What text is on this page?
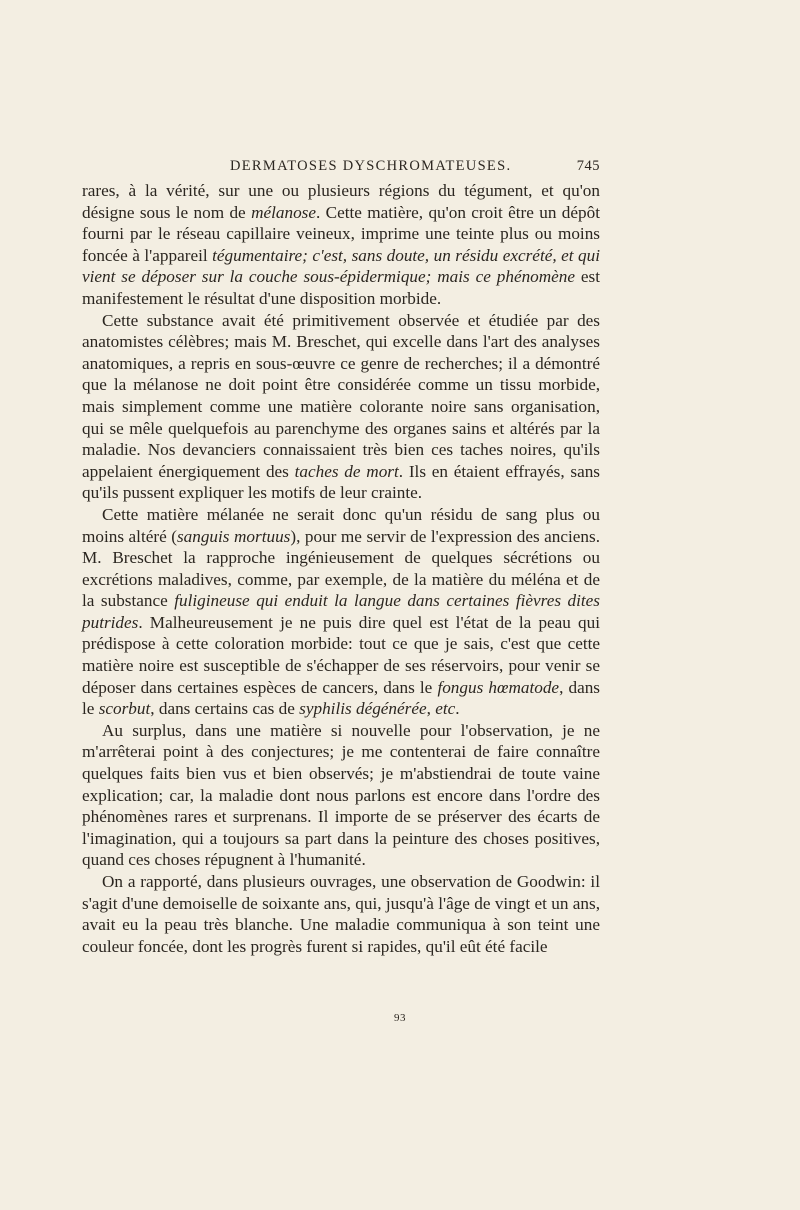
DERMATOSES DYSCHROMATEUSES.	745

rares, à la vérité, sur une ou plusieurs régions du tégument, et qu'on désigne sous le nom de mélanose. Cette matière, qu'on croit être un dépôt fourni par le réseau capillaire veineux, imprime une teinte plus ou moins foncée à l'appareil tégumentaire; c'est, sans doute, un résidu excrété, et qui vient se déposer sur la couche sous-épidermique; mais ce phénomène est manifestement le résultat d'une disposition morbide.

Cette substance avait été primitivement observée et étudiée par des anatomistes célèbres; mais M. Breschet, qui excelle dans l'art des analyses anatomiques, a repris en sous-œuvre ce genre de recherches; il a démontré que la mélanose ne doit point être considérée comme un tissu morbide, mais simplement comme une matière colorante noire sans organisation, qui se mêle quelquefois au parenchyme des organes sains et altérés par la maladie. Nos devanciers connaissaient très bien ces taches noires, qu'ils appelaient énergiquement des taches de mort. Ils en étaient effrayés, sans qu'ils pussent expliquer les motifs de leur crainte.

Cette matière mélanée ne serait donc qu'un résidu de sang plus ou moins altéré (sanguis mortuus), pour me servir de l'expression des anciens. M. Breschet la rapproche ingénieusement de quelques sécrétions ou excrétions maladives, comme, par exemple, de la matière du méléna et de la substance fuligineuse qui enduit la langue dans certaines fièvres dites putrides. Malheureusement je ne puis dire quel est l'état de la peau qui prédispose à cette coloration morbide: tout ce que je sais, c'est que cette matière noire est susceptible de s'échapper de ses réservoirs, pour venir se déposer dans certaines espèces de cancers, dans le fongus hœmatode, dans le scorbut, dans certains cas de syphilis dégénérée, etc.

Au surplus, dans une matière si nouvelle pour l'observation, je ne m'arrêterai point à des conjectures; je me contenterai de faire connaître quelques faits bien vus et bien observés; je m'abstiendrai de toute vaine explication; car, la maladie dont nous parlons est encore dans l'ordre des phénomènes rares et surprenans. Il importe de se préserver des écarts de l'imagination, qui a toujours sa part dans la peinture des choses positives, quand ces choses répugnent à l'humanité.

On a rapporté, dans plusieurs ouvrages, une observation de Goodwin: il s'agit d'une demoiselle de soixante ans, qui, jusqu'à l'âge de vingt et un ans, avait eu la peau très blanche. Une maladie communiqua à son teint une couleur foncée, dont les progrès furent si rapides, qu'il eût été facile

93
